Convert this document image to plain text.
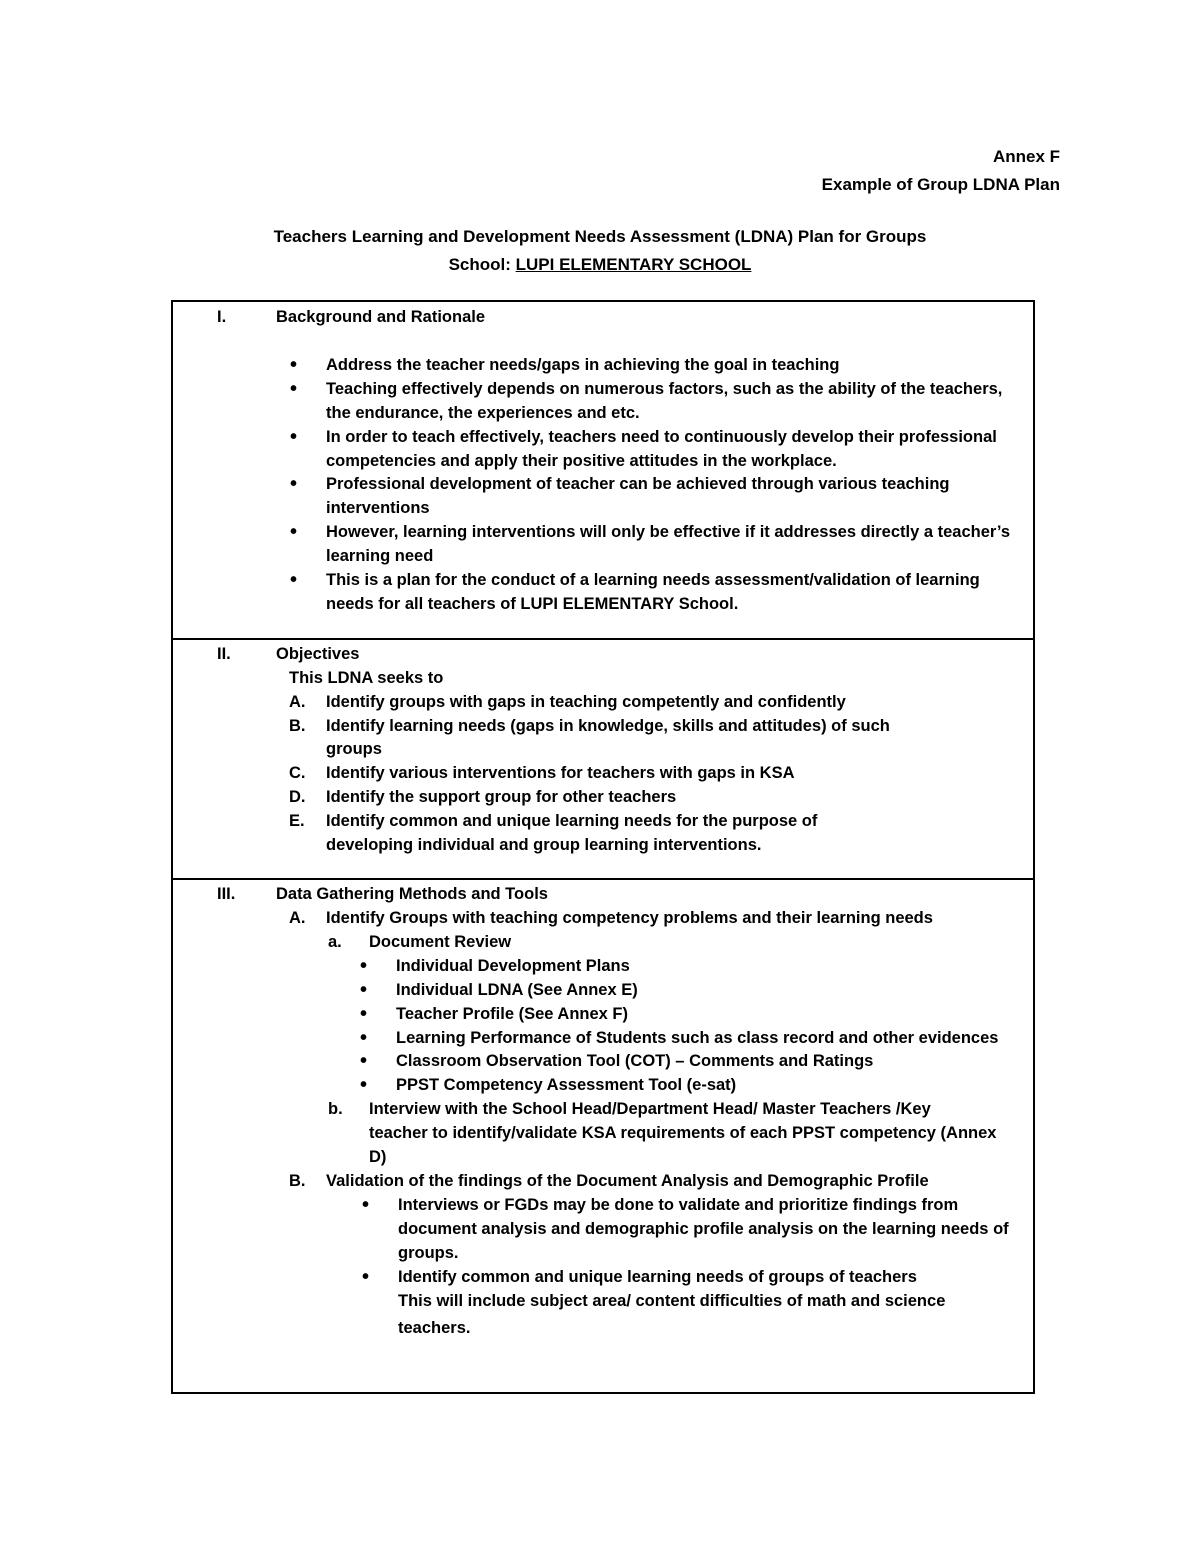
Annex F
Example of Group LDNA Plan
Teachers Learning and Development Needs Assessment (LDNA) Plan for Groups
School: LUPI ELEMENTARY SCHOOL
I.	Background and Rationale
• Address the teacher needs/gaps in achieving the goal in teaching
• Teaching effectively depends on numerous factors, such as the ability of the teachers,
the endurance, the experiences and etc.
• In order to teach effectively, teachers need to continuously develop their professional
competencies and apply their positive attitudes in the workplace.
• Professional development of teacher can be achieved through various teaching
interventions
• However, learning interventions will only be effective if it addresses directly a teacher’s
learning need
• This is a plan for the conduct of a learning needs assessment/validation of learning
needs for all teachers of LUPI ELEMENTARY School.
II.	Objectives
This LDNA seeks to
A. Identify groups with gaps in teaching competently and confidently
B. Identify learning needs (gaps in knowledge, skills and attitudes) of such
groups
C. Identify various interventions for teachers with gaps in KSA
D. Identify the support group for other teachers
E. Identify common and unique learning needs for the purpose of
developing individual and group learning interventions.
III. Data Gathering Methods and Tools
A. Identify Groups with teaching competency problems and their learning needs
a. Document Review
• Individual Development Plans
• Individual LDNA (See Annex E)
• Teacher Profile (See Annex F)
• Learning Performance of Students such as class record and other evidences
• Classroom Observation Tool (COT) – Comments and Ratings
• PPST Competency Assessment Tool (e-sat)
b. Interview with the School Head/Department Head/ Master Teachers /Key
teacher to identify/validate KSA requirements of each PPST competency (Annex
D)
B. Validation of the findings of the Document Analysis and Demographic Profile
• Interviews or FGDs may be done to validate and prioritize findings from
document analysis and demographic profile analysis on the learning needs of
groups.
• Identify common and unique learning needs of groups of teachers
This will include subject area/ content difficulties of math and science
teachers.
